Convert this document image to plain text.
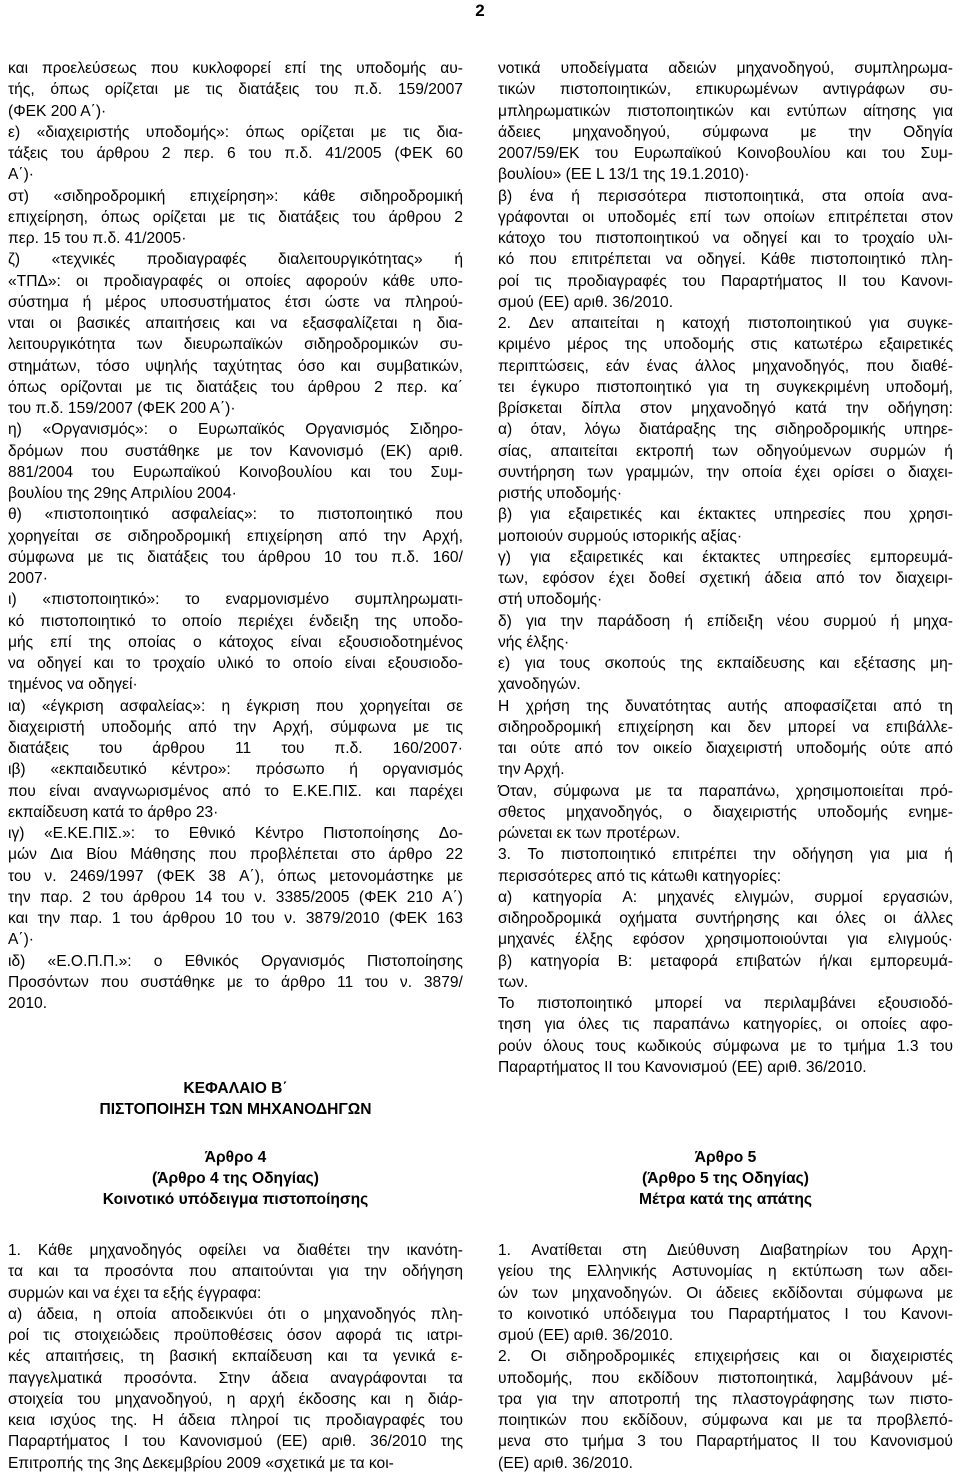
2
και προελεύσεως που κυκλοφορεί επί της υποδομής αυ-
τής, όπως ορίζεται με τις διατάξεις του π.δ. 159/2007
(ΦΕΚ 200 Α΄)·
ε) «διαχειριστής υποδομής»: όπως ορίζεται με τις δια-
τάξεις του άρθρου 2 περ. 6 του π.δ. 41/2005 (ΦΕΚ 60
Α΄)·
στ) «σιδηροδρομική επιχείρηση»: κάθε σιδηροδρομική
επιχείρηση, όπως ορίζεται με τις διατάξεις του άρθρου 2
περ. 15 του π.δ. 41/2005·
ζ) «τεχνικές προδιαγραφές διαλειτουργικότητας» ή
«ΤΠΔ»: οι προδιαγραφές οι οποίες αφορούν κάθε υπο-
σύστημα ή μέρος υποσυστήματος έτσι ώστε να πληρού-
νται οι βασικές απαιτήσεις και να εξασφαλίζεται η δια-
λειτουργικότητα των διευρωπαϊκών σιδηροδρομικών συ-
στημάτων, τόσο υψηλής ταχύτητας όσο και συμβατικών,
όπως ορίζονται με τις διατάξεις του άρθρου 2 περ. κα΄
του π.δ. 159/2007 (ΦΕΚ 200 Α΄)·
η) «Οργανισμός»: ο Ευρωπαϊκός Οργανισμός Σιδηρο-
δρόμων που συστάθηκε με τον Κανονισμό (ΕΚ) αριθ.
881/2004 του Ευρωπαϊκού Κοινοβουλίου και του Συμ-
βουλίου της 29ης Απριλίου 2004·
θ) «πιστοποιητικό ασφαλείας»: το πιστοποιητικό που
χορηγείται σε σιδηροδρομική επιχείρηση από την Αρχή,
σύμφωνα με τις διατάξεις του άρθρου 10 του π.δ. 160/
2007·
ι) «πιστοποιητικό»: το εναρμονισμένο συμπληρωματι-
κό πιστοποιητικό το οποίο περιέχει ένδειξη της υποδο-
μής επί της οποίας ο κάτοχος είναι εξουσιοδοτημένος
να οδηγεί και το τροχαίο υλικό το οποίο είναι εξουσιοδο-
τημένος να οδηγεί·
ια) «έγκριση ασφαλείας»: η έγκριση που χορηγείται σε
διαχειριστή υποδομής από την Αρχή, σύμφωνα με τις
διατάξεις του άρθρου 11 του π.δ. 160/2007·
ιβ) «εκπαιδευτικό κέντρο»: πρόσωπο ή οργανισμός
που είναι αναγνωρισμένος από το Ε.ΚΕ.ΠΙΣ. και παρέχει
εκπαίδευση κατά το άρθρο 23·
ιγ) «Ε.ΚΕ.ΠΙΣ.»: το Εθνικό Κέντρο Πιστοποίησης Δο-
μών Δια Βίου Μάθησης που προβλέπεται στο άρθρο 22
του ν. 2469/1997 (ΦΕΚ 38 Α΄), όπως μετονομάστηκε με
την παρ. 2 του άρθρου 14 του ν. 3385/2005 (ΦΕΚ 210 Α΄)
και την παρ. 1 του άρθρου 10 του ν. 3879/2010 (ΦΕΚ 163
Α΄)·
ιδ) «Ε.Ο.Π.Π.»: ο Εθνικός Οργανισμός Πιστοποίησης
Προσόντων που συστάθηκε με το άρθρο 11 του ν. 3879/
2010.
ΚΕΦΑΛΑΙΟ Β΄
ΠΙΣΤΟΠΟΙΗΣΗ ΤΩΝ ΜΗΧΑΝΟΔΗΓΩΝ
Άρθρο 4
(Άρθρο 4 της Οδηγίας)
Κοινοτικό υπόδειγμα πιστοποίησης
1. Κάθε μηχανοδηγός οφείλει να διαθέτει την ικανότη-
τα και τα προσόντα που απαιτούνται για την οδήγηση
συρμών και να έχει τα εξής έγγραφα:
α) άδεια, η οποία αποδεικνύει ότι ο μηχανοδηγός πλη-
ροί τις στοιχειώδεις προϋποθέσεις όσον αφορά τις ιατρι-
κές απαιτήσεις, τη βασική εκπαίδευση και τα γενικά ε-
παγγελματικά προσόντα. Στην άδεια αναγράφονται τα
στοιχεία του μηχανοδηγού, η αρχή έκδοσης και η διάρ-
κεια ισχύος της. Η άδεια πληροί τις προδιαγραφές του
Παραρτήματος Ι του Κανονισμού (ΕΕ) αριθ. 36/2010 της
Επιτροπής της 3ης Δεκεμβρίου 2009 «σχετικά με τα κοι-
νοτικά υποδείγματα αδειών μηχανοδηγού, συμπληρωμα-
τικών πιστοποιητικών, επικυρωμένων αντιγράφων συ-
μπληρωματικών πιστοποιητικών και εντύπων αίτησης για
άδειες μηχανοδηγού, σύμφωνα με την Οδηγία
2007/59/ΕΚ του Ευρωπαϊκού Κοινοβουλίου και του Συμ-
βουλίου» (ΕΕ L 13/1 της 19.1.2010)·
β) ένα ή περισσότερα πιστοποιητικά, στα οποία ανα-
γράφονται οι υποδομές επί των οποίων επιτρέπεται στον
κάτοχο του πιστοποιητικού να οδηγεί και το τροχαίο υλι-
κό που επιτρέπεται να οδηγεί. Κάθε πιστοποιητικό πλη-
ροί τις προδιαγραφές του Παραρτήματος ΙΙ του Κανονι-
σμού (ΕΕ) αριθ. 36/2010.
2. Δεν απαιτείται η κατοχή πιστοποιητικού για συγκε-
κριμένο μέρος της υποδομής στις κατωτέρω εξαιρετικές
περιπτώσεις, εάν ένας άλλος μηχανοδηγός, που διαθέ-
τει έγκυρο πιστοποιητικό για τη συγκεκριμένη υποδομή,
βρίσκεται δίπλα στον μηχανοδηγό κατά την οδήγηση:
α) όταν, λόγω διατάραξης της σιδηροδρομικής υπηρε-
σίας, απαιτείται εκτροπή των οδηγούμενων συρμών ή
συντήρηση των γραμμών, την οποία έχει ορίσει ο διαχει-
ριστής υποδομής·
β) για εξαιρετικές και έκτακτες υπηρεσίες που χρησι-
μοποιούν συρμούς ιστορικής αξίας·
γ) για εξαιρετικές και έκτακτες υπηρεσίες εμπορευμά-
των, εφόσον έχει δοθεί σχετική άδεια από τον διαχειρι-
στή υποδομής·
δ) για την παράδοση ή επίδειξη νέου συρμού ή μηχα-
νής έλξης·
ε) για τους σκοπούς της εκπαίδευσης και εξέτασης μη-
χανοδηγών.
Η χρήση της δυνατότητας αυτής αποφασίζεται από τη
σιδηροδρομική επιχείρηση και δεν μπορεί να επιβάλλε-
ται ούτε από τον οικείο διαχειριστή υποδομής ούτε από
την Αρχή.
Όταν, σύμφωνα με τα παραπάνω, χρησιμοποιείται πρό-
σθετος μηχανοδηγός, ο διαχειριστής υποδομής ενημε-
ρώνεται εκ των προτέρων.
3. Το πιστοποιητικό επιτρέπει την οδήγηση για μια ή
περισσότερες από τις κάτωθι κατηγορίες:
α) κατηγορία Α: μηχανές ελιγμών, συρμοί εργασιών,
σιδηροδρομικά οχήματα συντήρησης και όλες οι άλλες
μηχανές έλξης εφόσον χρησιμοποιούνται για ελιγμούς·
β) κατηγορία Β: μεταφορά επιβατών ή/και εμπορευμά-
των.
Το πιστοποιητικό μπορεί να περιλαμβάνει εξουσιοδό-
τηση για όλες τις παραπάνω κατηγορίες, οι οποίες αφο-
ρούν όλους τους κωδικούς σύμφωνα με το τμήμα 1.3 του
Παραρτήματος ΙΙ του Κανονισμού (ΕΕ) αριθ. 36/2010.
Άρθρο 5
(Άρθρο 5 της Οδηγίας)
Μέτρα κατά της απάτης
1. Ανατίθεται στη Διεύθυνση Διαβατηρίων του Αρχη-
γείου της Ελληνικής Αστυνομίας η εκτύπωση των αδει-
ών των μηχανοδηγών. Οι άδειες εκδίδονται σύμφωνα με
το κοινοτικό υπόδειγμα του Παραρτήματος Ι του Κανονι-
σμού (ΕΕ) αριθ. 36/2010.
2. Οι σιδηροδρομικές επιχειρήσεις και οι διαχειριστές
υποδομής, που εκδίδουν πιστοποιητικά, λαμβάνουν μέ-
τρα για την αποτροπή της πλαστογράφησης των πιστο-
ποιητικών που εκδίδουν, σύμφωνα και με τα προβλεπό-
μενα στο τμήμα 3 του Παραρτήματος ΙΙ του Κανονισμού
(ΕΕ) αριθ. 36/2010.
